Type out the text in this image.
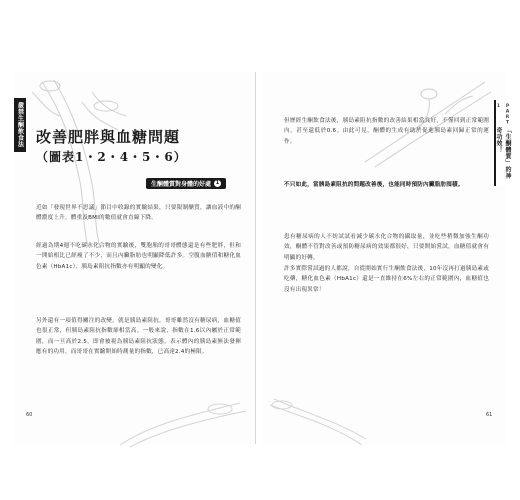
嚴禁生酮飲食法	PART 1
「生酮體質」的神奇功效！
改善肥胖與血糖問題
（圖表1・2・4・5・6）
生酮體質對身體的好處 1

近如「發現世界不思議」節目中收錄的實驗結果，只要限制醣質，讓血液中的酮體濃度上升，體重及BMI的數值就會直線下降。

經過為期4週不吃碳水化合物的實驗後，雙胞胎的哥哥體態還是有些肥胖，但和一開始相比已經瘦了不少，而且內臟脂肪也明顯降低許多。空腹血糖值和糖化血色素（HbA1c）、胰島素阻抗指數亦有明顯的變化。

另外還有一項值得關注的改變，就是胰島素阻抗。哥哥雖然沒有糖尿病，血糖值也很正常，但胰島素阻抗指數卻相當高。一般來說，指數在1.6以內屬於正常範圍，而一旦高於2.5，即會被視為胰島素阻抗狀態，表示體內的胰島素無法發揮應有的功用，而哥哥在實驗開始時測量的指數，已高達2.4的極限。

但歷經生酮飲食法後，胰島素阻抗指數的改善結果相當良好，不僅回到正常範圍內，甚至還低於0.6。由此可見，酮體的生成有助於促進胰島素回歸正常的運作。

不只如此，當胰島素阻抗的問題改善後，也能同時預防內臟脂肪囤積。

患有糖尿病的人不妨試試看減少碳水化合物的攝取量，並吃些稍微加強生酮功效，酮體不管對改善或預防糖尿病的效果都很好，只要開始嘗試，血糖值就會有明顯的好轉。

許多實際嘗試過的人都說，自從開始實行生酮飲食法後，10年沒再打過胰島素或吃藥，糖化血色素（HbA1c）還是一直維持在6%左右的正常範圍內，血糖值也沒有出現異常！

60	61
